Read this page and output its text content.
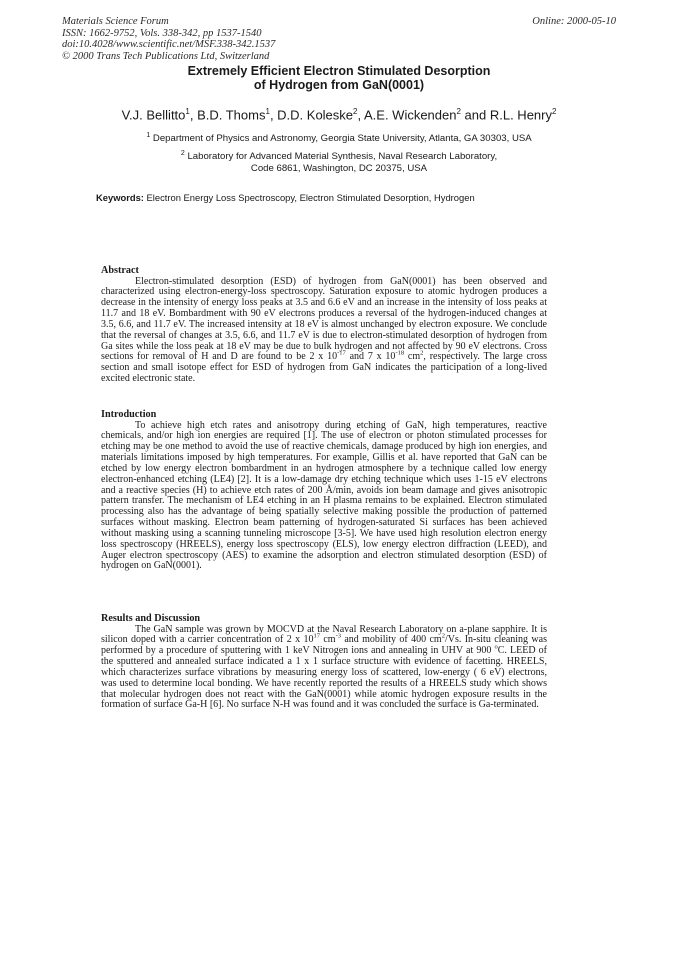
Materials Science Forum
ISSN: 1662-9752, Vols. 338-342, pp 1537-1540
doi:10.4028/www.scientific.net/MSF.338-342.1537
© 2000 Trans Tech Publications Ltd, Switzerland
Online: 2000-05-10
Extremely Efficient Electron Stimulated Desorption
of Hydrogen from GaN(0001)
V.J. Bellitto$^1$, B.D. Thoms$^1$, D.D. Koleske$^2$, A.E. Wickenden$^2$ and R.L. Henry$^2$
$^1$ Department of Physics and Astronomy, Georgia State University, Atlanta, GA 30303, USA
$^2$ Laboratory for Advanced Material Synthesis, Naval Research Laboratory,
Code 6861, Washington, DC 20375, USA
Keywords: Electron Energy Loss Spectroscopy, Electron Stimulated Desorption, Hydrogen
Abstract

Electron-stimulated desorption (ESD) of hydrogen from GaN(0001) has been observed and characterized using electron-energy-loss spectroscopy. Saturation exposure to atomic hydrogen produces a decrease in the intensity of energy loss peaks at 3.5 and 6.6 eV and an increase in the intensity of loss peaks at 11.7 and 18 eV. Bombardment with 90 eV electrons produces a reversal of the hydrogen-induced changes at 3.5, 6.6, and 11.7 eV. The increased intensity at 18 eV is almost unchanged by electron exposure. We conclude that the reversal of changes at 3.5, 6.6, and 11.7 eV is due to electron-stimulated desorption of hydrogen from Ga sites while the loss peak at 18 eV may be due to bulk hydrogen and not affected by 90 eV electrons. Cross sections for removal of H and D are found to be 2 x $10^{-17}$ and 7 x $10^{-18}$ $cm^2$, respectively. The large cross section and small isotope effect for ESD of hydrogen from GaN indicates the participation of a long-lived excited electronic state.

Introduction

To achieve high etch rates and anisotropy during etching of GaN, high temperatures, reactive chemicals, and/or high ion energies are required [1]. The use of electron or photon stimulated processes for etching may be one method to avoid the use of reactive chemicals, damage produced by high ion energies, and materials limitations imposed by high temperatures. For example, Gillis et al. have reported that GaN can be etched by low energy electron bombardment in an hydrogen atmosphere by a technique called low energy electron-enhanced etching (LE4) [2]. It is a low-damage dry etching technique which uses 1-15 eV electrons and a reactive species (H) to achieve etch rates of 200 Å/min, avoids ion beam damage and gives anisotropic pattern transfer. The mechanism of LE4 etching in an H plasma remains to be explained. Electron stimulated processing also has the advantage of being spatially selective making possible the production of patterned surfaces without masking. Electron beam patterning of hydrogen-saturated Si surfaces has been achieved without masking using a scanning tunneling microscope [3-5]. We have used high resolution electron energy loss spectroscopy (HREELS), energy loss spectroscopy (ELS), low energy electron diffraction (LEED), and Auger electron spectroscopy (AES) to examine the adsorption and electron stimulated desorption (ESD) of hydrogen on GaN(0001).

Results and Discussion

The GaN sample was grown by MOCVD at the Naval Research Laboratory on a-plane sapphire. It is silicon doped with a carrier concentration of 2 x $10^{17}$ $cm^{-3}$ and mobility of 400 $cm^2/Vs$. In-situ cleaning was performed by a procedure of sputtering with 1 keV Nitrogen ions and annealing in UHV at 900 $^o$C. LEED of the sputtered and annealed surface indicated a 1 x 1 surface structure with evidence of facetting. HREELS, which characterizes surface vibrations by measuring energy loss of scattered, low-energy ( 6 eV) electrons, was used to determine local bonding. We have recently reported the results of a HREELS study which shows that molecular hydrogen does not react with the GaN(0001) while atomic hydrogen exposure results in the formation of surface Ga-H [6]. No surface N-H was found and it was concluded the surface is Ga-terminated.
